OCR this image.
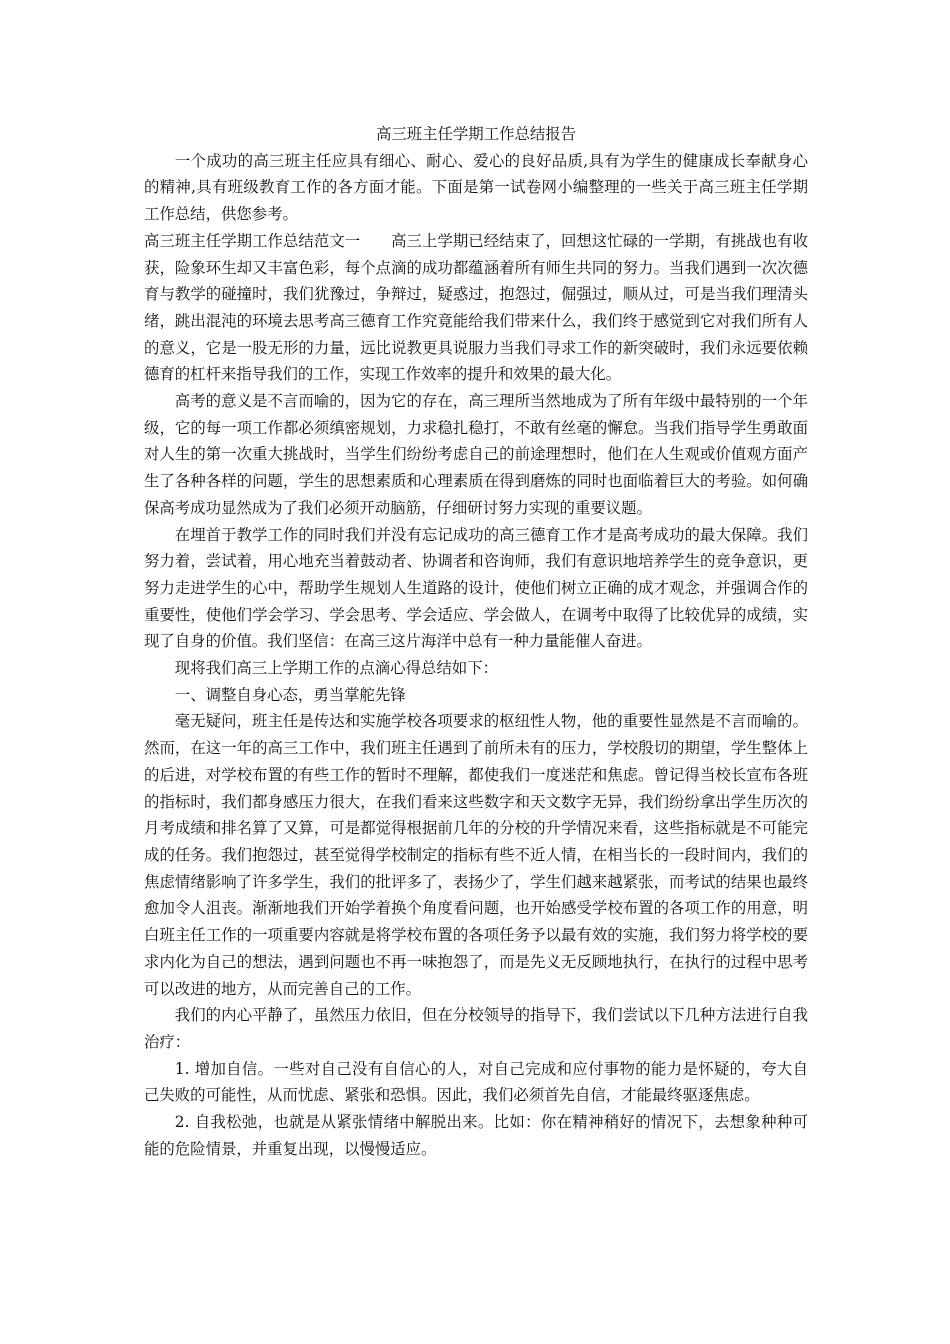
高三班主任学期工作总结报告

一个成功的高三班主任应具有细心、耐心、爱心的良好品质,具有为学生的健康成长奉献身心的精神,具有班级教育工作的各方面才能。下面是第一试卷网小编整理的一些关于高三班主任学期工作总结，供您参考。

高三班主任学期工作总结范文一　　高三上学期已经结束了，回想这忙碌的一学期，有挑战也有收获，险象环生却又丰富色彩，每个点滴的成功都蕴涵着所有师生共同的努力。当我们遇到一次次德育与教学的碰撞时，我们犹豫过，争辩过，疑惑过，抱怨过，倔强过，顺从过，可是当我们理清头绪，跳出混沌的环境去思考高三德育工作究竟能给我们带来什么，我们终于感觉到它对我们所有人的意义，它是一股无形的力量，远比说教更具说服力当我们寻求工作的新突破时，我们永远要依赖德育的杠杆来指导我们的工作，实现工作效率的提升和效果的最大化。

高考的意义是不言而喻的，因为它的存在，高三理所当然地成为了所有年级中最特别的一个年级，它的每一项工作都必须缜密规划，力求稳扎稳打，不敢有丝毫的懈怠。当我们指导学生勇敢面对人生的第一次重大挑战时，当学生们纷纷考虑自己的前途理想时，他们在人生观或价值观方面产生了各种各样的问题，学生的思想素质和心理素质在得到磨炼的同时也面临着巨大的考验。如何确保高考成功显然成为了我们必须开动脑筋，仔细研讨努力实现的重要议题。

在埋首于教学工作的同时我们并没有忘记成功的高三德育工作才是高考成功的最大保障。我们努力着，尝试着，用心地充当着鼓动者、协调者和咨询师，我们有意识地培养学生的竞争意识，更努力走进学生的心中，帮助学生规划人生道路的设计，使他们树立正确的成才观念，并强调合作的重要性，使他们学会学习、学会思考、学会适应、学会做人，在调考中取得了比较优异的成绩，实现了自身的价值。我们坚信：在高三这片海洋中总有一种力量能催人奋进。

现将我们高三上学期工作的点滴心得总结如下：

一、调整自身心态，勇当掌舵先锋

毫无疑问，班主任是传达和实施学校各项要求的枢纽性人物，他的重要性显然是不言而喻的。然而，在这一年的高三工作中，我们班主任遇到了前所未有的压力，学校殷切的期望，学生整体上的后进，对学校布置的有些工作的暂时不理解，都使我们一度迷茫和焦虑。曾记得当校长宣布各班的指标时，我们都身感压力很大，在我们看来这些数字和天文数字无异，我们纷纷拿出学生历次的月考成绩和排名算了又算，可是都觉得根据前几年的分校的升学情况来看，这些指标就是不可能完成的任务。我们抱怨过，甚至觉得学校制定的指标有些不近人情，在相当长的一段时间内，我们的焦虑情绪影响了许多学生，我们的批评多了，表扬少了，学生们越来越紧张，而考试的结果也最终愈加令人沮丧。渐渐地我们开始学着换个角度看问题，也开始感受学校布置的各项工作的用意，明白班主任工作的一项重要内容就是将学校布置的各项任务予以最有效的实施，我们努力将学校的要求内化为自己的想法，遇到问题也不再一味抱怨了，而是先义无反顾地执行，在执行的过程中思考可以改进的地方，从而完善自己的工作。

我们的内心平静了，虽然压力依旧，但在分校领导的指导下，我们尝试以下几种方法进行自我治疗：

1. 增加自信。一些对自己没有自信心的人，对自己完成和应付事物的能力是怀疑的，夸大自己失败的可能性，从而忧虑、紧张和恐惧。因此，我们必须首先自信，才能最终驱逐焦虑。

2. 自我松弛，也就是从紧张情绪中解脱出来。比如：你在精神稍好的情况下，去想象种种可能的危险情景，并重复出现，以慢慢适应。
